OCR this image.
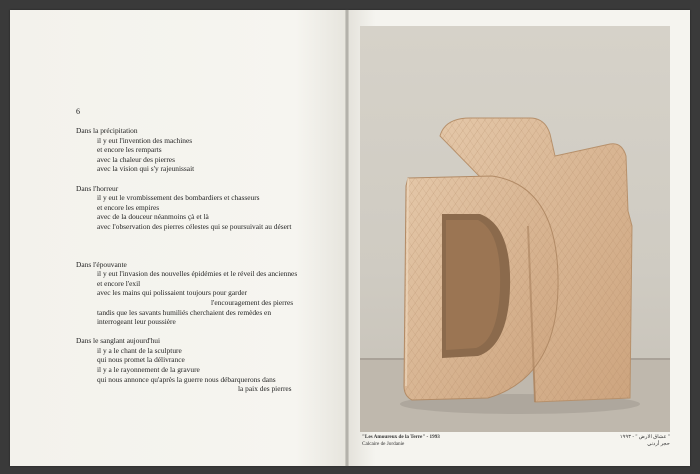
6
Dans la précipitation
il y eut l'invention des machines
et encore les remparts
avec la chaleur des pierres
avec la vision qui s'y rajeunissait
Dans l'horreur
il y eut le vrombissement des bombardiers et chasseurs
et encore les empires
avec de la douceur néanmoins çà et là
avec l'observation des pierres célestes qui se poursuivait au désert
Dans l'épouvante
il y eut l'invasion des nouvelles épidémies et le réveil des anciennes
et encore l'exil
avec les mains qui polissaient toujours pour garder
l'encouragement des pierres
tandis que les savants humiliés cherchaient des remèdes en
interrogeant leur poussière
Dans le sanglant aujourd'hui
il y a le chant de la sculpture
qui nous promet la délivrance
il y a le rayonnement de la gravure
qui nous annonce qu'après la guerre nous débarquerons dans
la paix des pierres
"Les Amoureux de la Terre" - 1993
Calcaire de Jordanie
" عشاق الارض " - ١٩٩٣
حجر أردني
